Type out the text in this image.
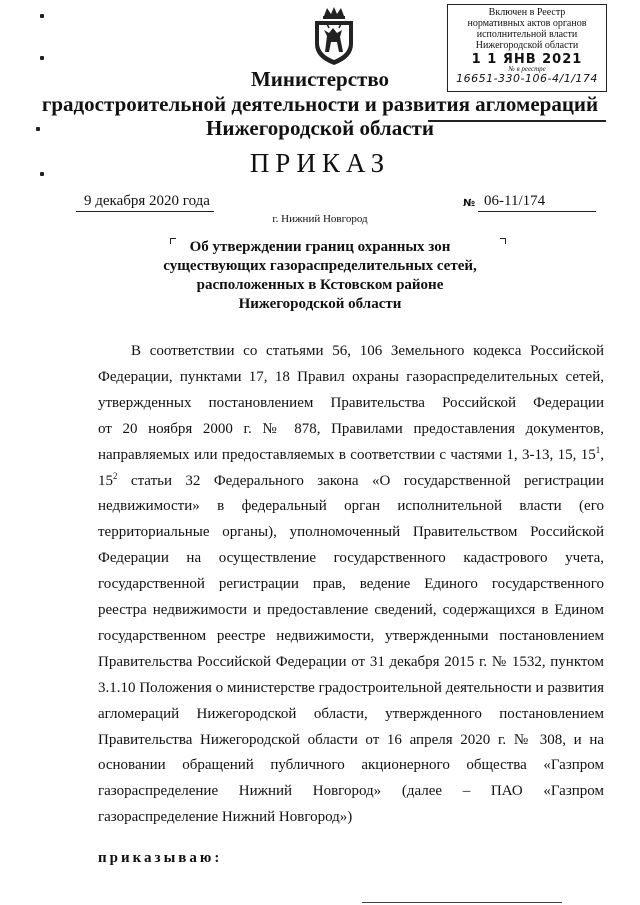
Включен в Реестр
нормативных актов органов
исполнительной власти
Нижегородской области
1 1 ЯНВ 2021
№ в реестре
16651-330-106-4/1/174
Министерство
градостроительной деятельности и развития агломераций
Нижегородской области
ПРИКАЗ
9 декабря 2020 года	№ 06-11/174
г. Нижний Новгород
Об утверждении границ охранных зон
существующих газораспределительных сетей,
расположенных в Кстовском районе
Нижегородской области
В соответствии со статьями 56, 106 Земельного кодекса Российской
Федерации, пунктами 17, 18 Правил охраны газораспределительных сетей,
утвержденных постановлением Правительства Российской Федерации
от 20 ноября 2000 г. № 878, Правилами предоставления документов,
направляемых или предоставляемых в соответствии с частями 1, 3-13, 15, $15^1$,
$15^2$ статьи 32 Федерального закона «О государственной регистрации
недвижимости» в федеральный орган исполнительной власти (его
территориальные органы), уполномоченный Правительством Российской
Федерации на осуществление государственного кадастрового учета,
государственной регистрации прав, ведение Единого государственного
реестра недвижимости и предоставление сведений, содержащихся в Едином
государственном реестре недвижимости, утвержденными постановлением
Правительства Российской Федерации от 31 декабря 2015 г. № 1532, пунктом
3.1.10 Положения о министерстве градостроительной деятельности и развития
агломераций Нижегородской области, утвержденного постановлением
Правительства Нижегородской области от 16 апреля 2020 г. № 308, и на
основании обращений публичного акционерного общества «Газпром
газораспределение Нижний Новгород» (далее – ПАО «Газпром
газораспределение Нижний Новгород»)
приказываю:
